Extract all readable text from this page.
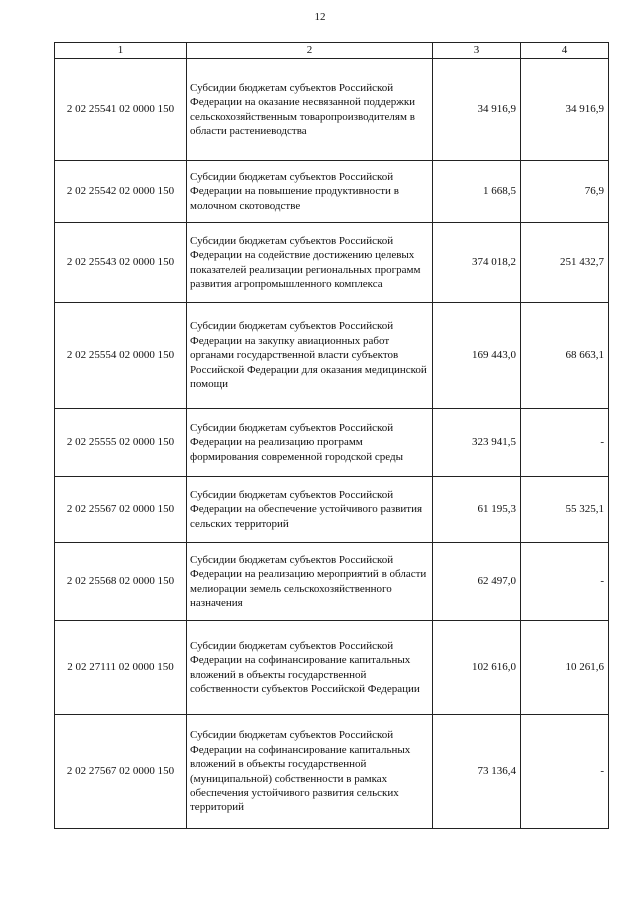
12
1	2	3	4
2 02 25541 02 0000 150	Субсидии бюджетам субъектов Российской Федерации на оказание несвязанной поддержки сельскохозяйственным товаропроизводителям в области растениеводства	34 916,9	34 916,9
2 02 25542 02 0000 150	Субсидии бюджетам субъектов Российской Федерации на повышение продуктивности в молочном скотоводстве	1 668,5	76,9
2 02 25543 02 0000 150	Субсидии бюджетам субъектов Российской Федерации на содействие достижению целевых показателей реализации региональных программ развития агропромышленного комплекса	374 018,2	251 432,7
2 02 25554 02 0000 150	Субсидии бюджетам субъектов Российской Федерации на закупку авиационных работ органами государственной власти субъектов Российской Федерации для оказания медицинской помощи	169 443,0	68 663,1
2 02 25555 02 0000 150	Субсидии бюджетам субъектов Российской Федерации на реализацию программ формирования современной городской среды	323 941,5	-
2 02 25567 02 0000 150	Субсидии бюджетам субъектов Российской Федерации на обеспечение устойчивого развития сельских территорий	61 195,3	55 325,1
2 02 25568 02 0000 150	Субсидии бюджетам субъектов Российской Федерации на реализацию мероприятий в области мелиорации земель сельскохозяйственного назначения	62 497,0	-
2 02 27111 02 0000 150	Субсидии бюджетам субъектов Российской Федерации на софинансирование капитальных вложений в объекты государственной собственности субъектов Российской Федерации	102 616,0	10 261,6
2 02 27567 02 0000 150	Субсидии бюджетам субъектов Российской Федерации на софинансирование капитальных вложений в объекты государственной (муниципальной) собственности в рамках обеспечения устойчивого развития сельских территорий	73 136,4	-
